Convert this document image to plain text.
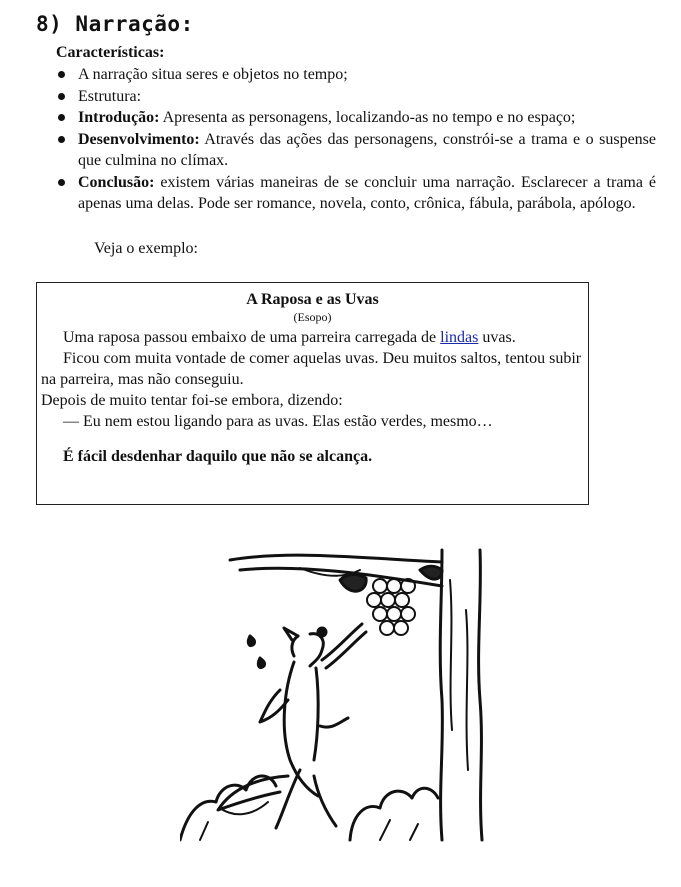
8) Narração:
Características:
A narração situa seres e objetos no tempo;
Estrutura:
Introdução: Apresenta as personagens, localizando-as no tempo e no espaço;
Desenvolvimento: Através das ações das personagens, constrói-se a trama e o suspense que culmina no clímax.
Conclusão: existem várias maneiras de se concluir uma narração. Esclarecer a trama é apenas uma delas. Pode ser romance, novela, conto, crônica, fábula, parábola, apólogo.
Veja o exemplo:
A Raposa e as Uvas
(Esopo)

Uma raposa passou embaixo de uma parreira carregada de lindas uvas.

Ficou com muita vontade de comer aquelas uvas. Deu muitos saltos, tentou subir na parreira, mas não conseguiu.

Depois de muito tentar foi-se embora, dizendo:

— Eu nem estou ligando para as uvas. Elas estão verdes, mesmo…

É fácil desdenhar daquilo que não se alcança.
